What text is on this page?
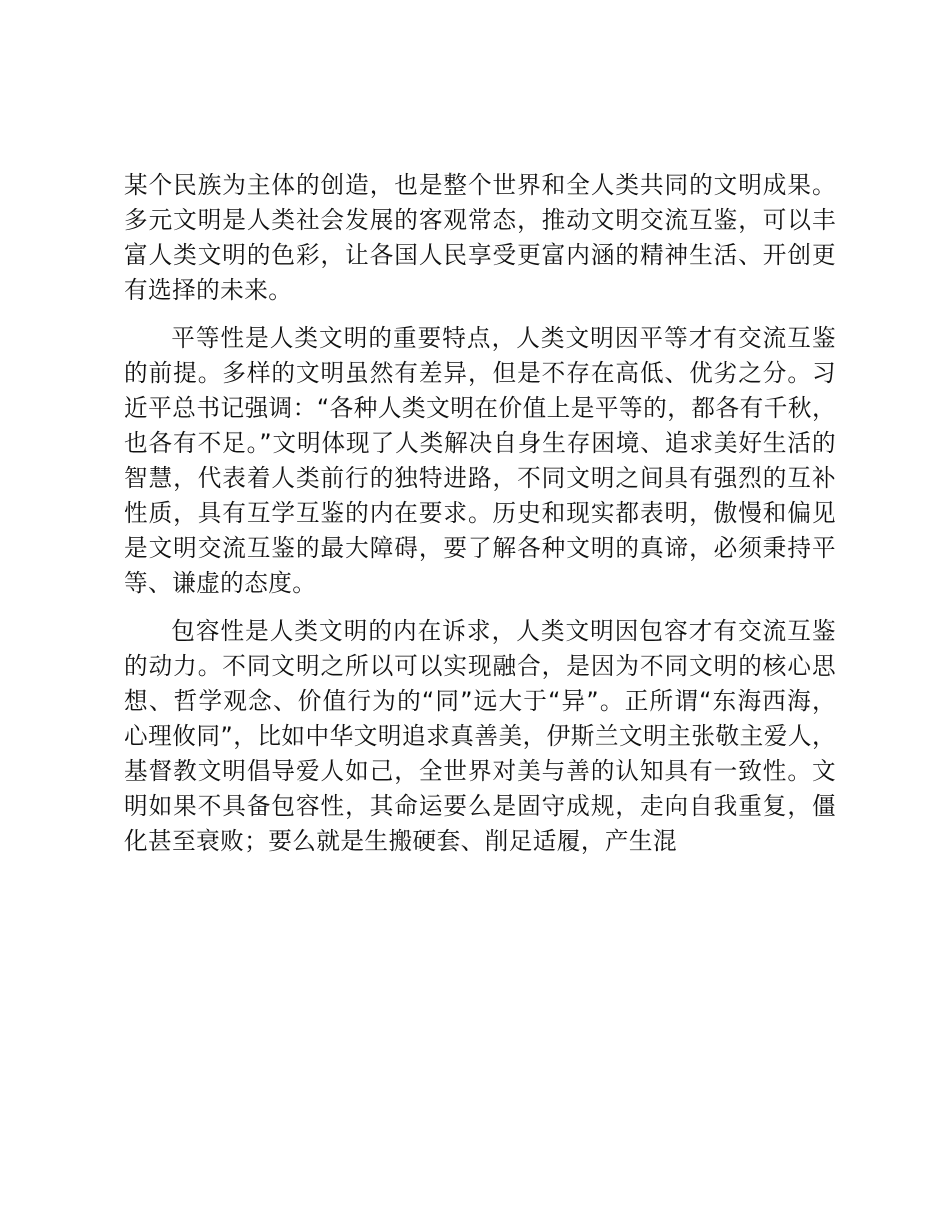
某个民族为主体的创造，也是整个世界和全人类共同的文明成果。多元文明是人类社会发展的客观常态，推动文明交流互鉴，可以丰富人类文明的色彩，让各国人民享受更富内涵的精神生活、开创更有选择的未来。

平等性是人类文明的重要特点，人类文明因平等才有交流互鉴的前提。多样的文明虽然有差异，但是不存在高低、优劣之分。习近平总书记强调：“各种人类文明在价值上是平等的，都各有千秋，也各有不足。”文明体现了人类解决自身生存困境、追求美好生活的智慧，代表着人类前行的独特进路，不同文明之间具有强烈的互补性质，具有互学互鉴的内在要求。历史和现实都表明，傲慢和偏见是文明交流互鉴的最大障碍，要了解各种文明的真谛，必须秉持平等、谦虚的态度。

包容性是人类文明的内在诉求，人类文明因包容才有交流互鉴的动力。不同文明之所以可以实现融合，是因为不同文明的核心思想、哲学观念、价值行为的“同”远大于“异”。正所谓“东海西海，心理攸同”，比如中华文明追求真善美，伊斯兰文明主张敬主爱人，基督教文明倡导爱人如己，全世界对美与善的认知具有一致性。文明如果不具备包容性，其命运要么是固守成规，走向自我重复，僵化甚至衰败；要么就是生搬硬套、削足适履，产生混
